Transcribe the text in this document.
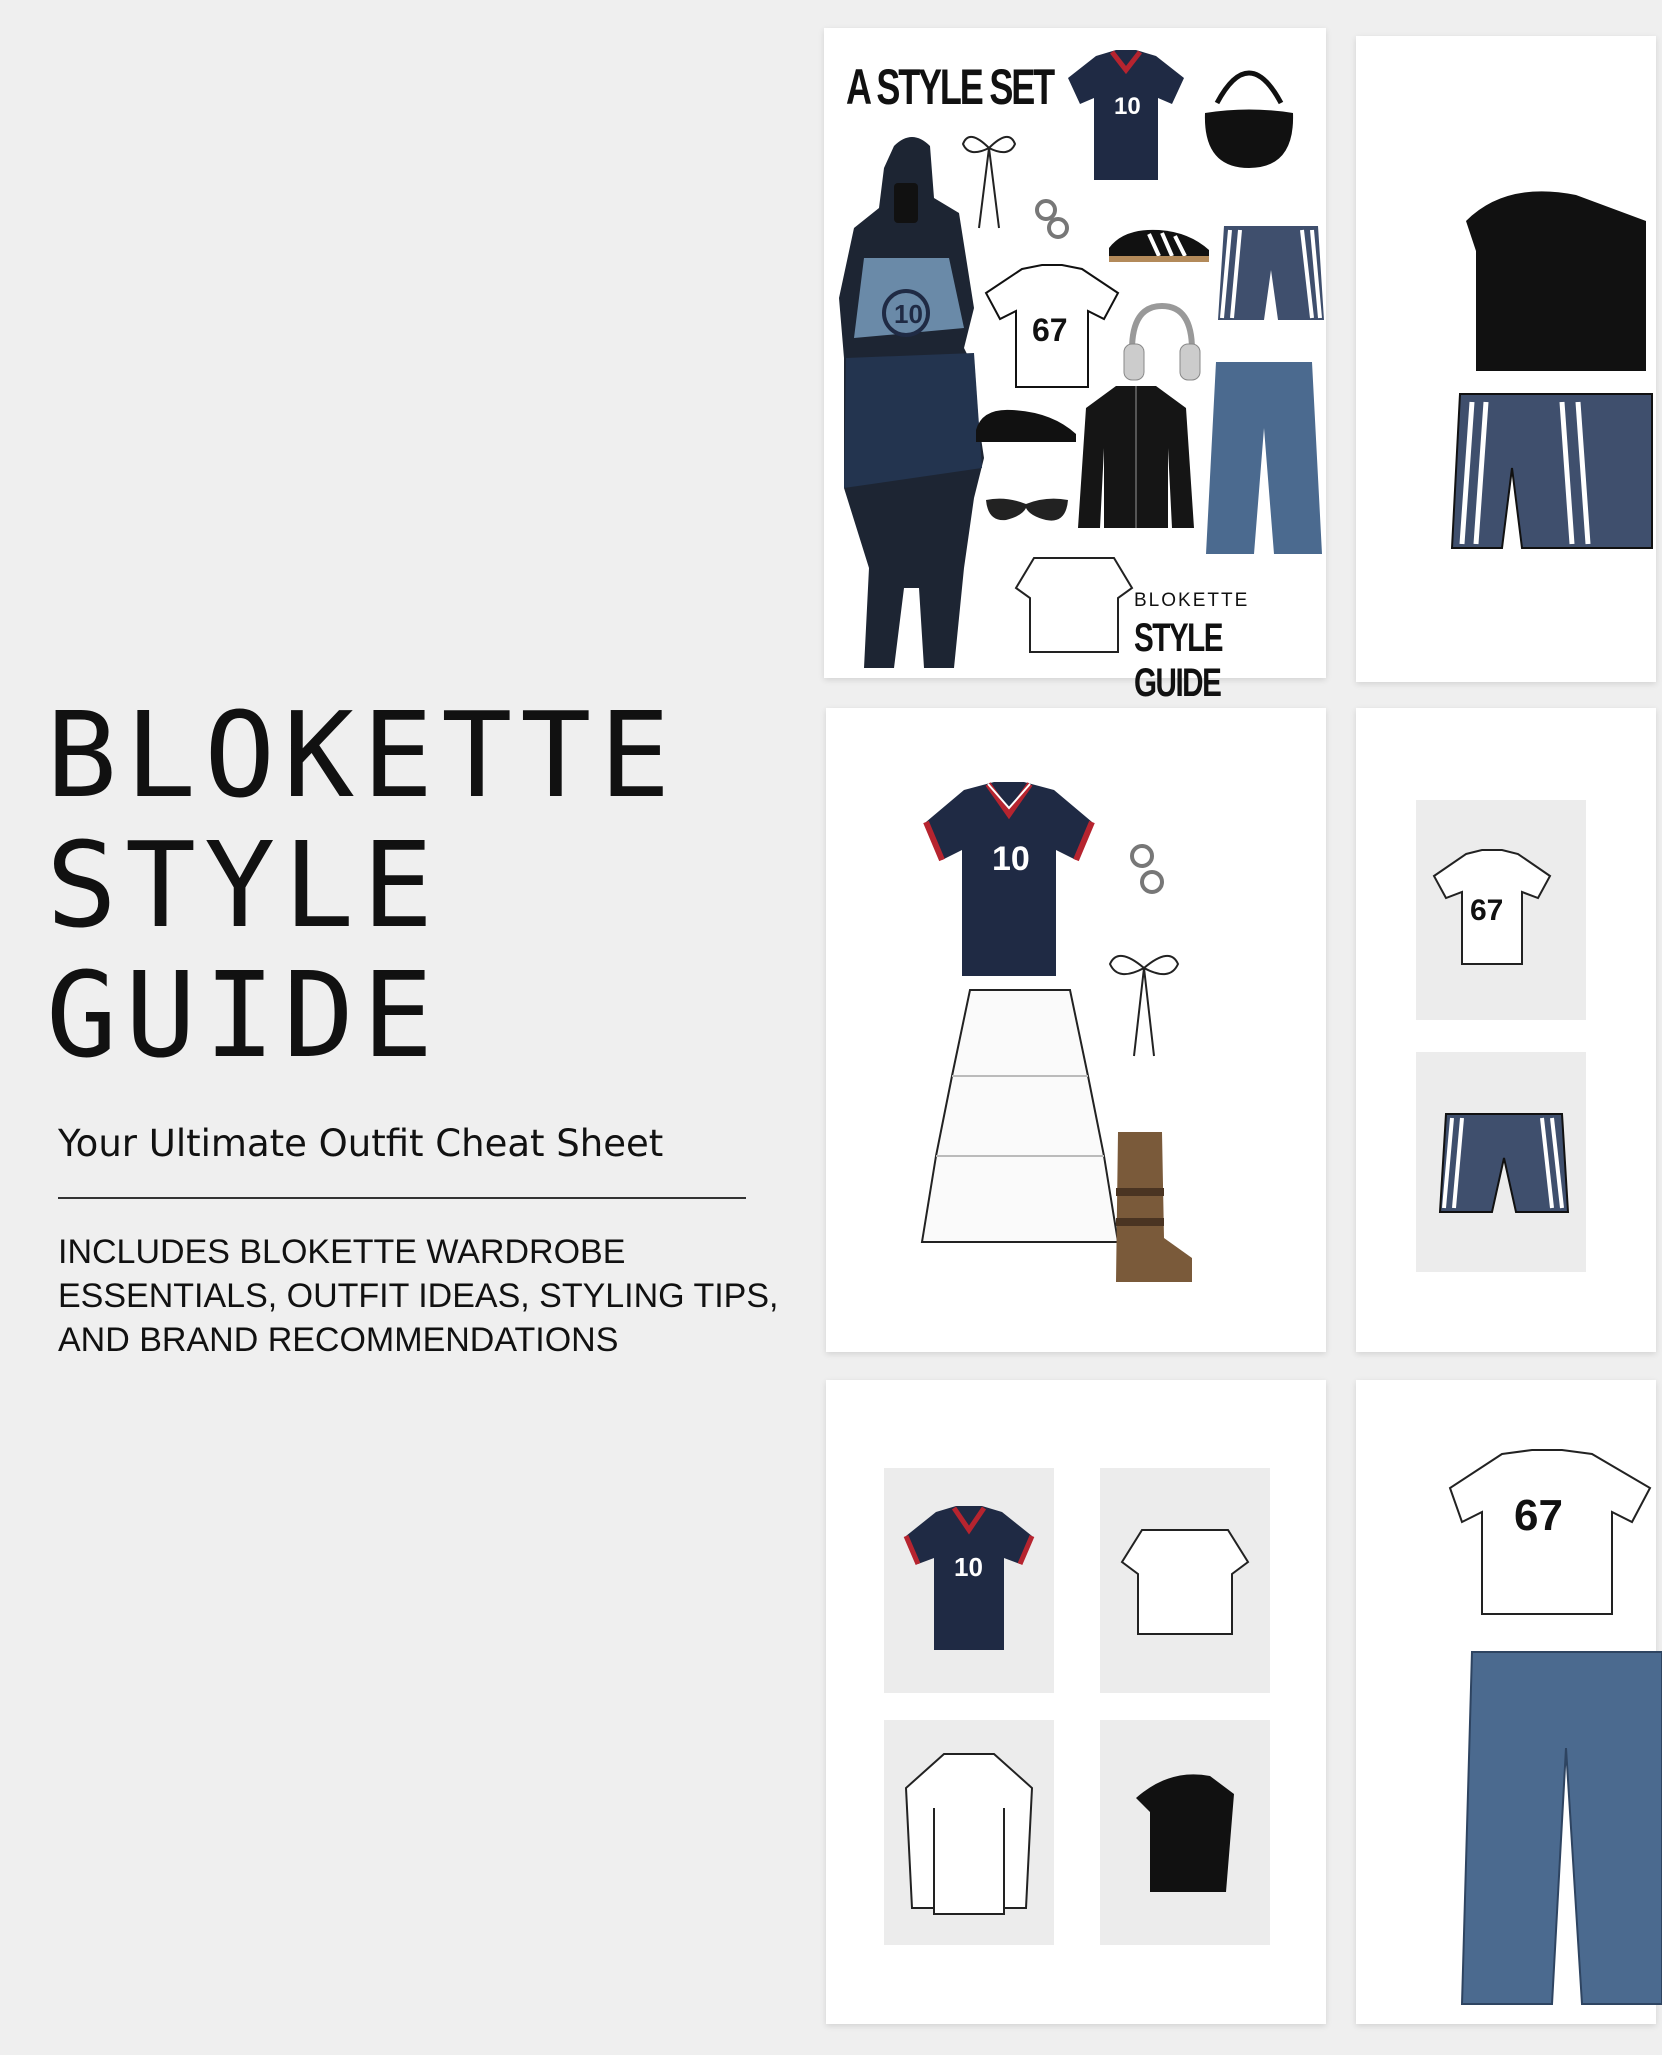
BLOKETTE
STYLE
GUIDE
Your Ultimate Outfit Cheat Sheet
INCLUDES BLOKETTE WARDROBE ESSENTIALS, OUTFIT IDEAS, STYLING TIPS, AND BRAND RECOMMENDATIONS
A STYLE SET
10
10
67
BLOKETTE
STYLE GUIDE
10
67
10
67
